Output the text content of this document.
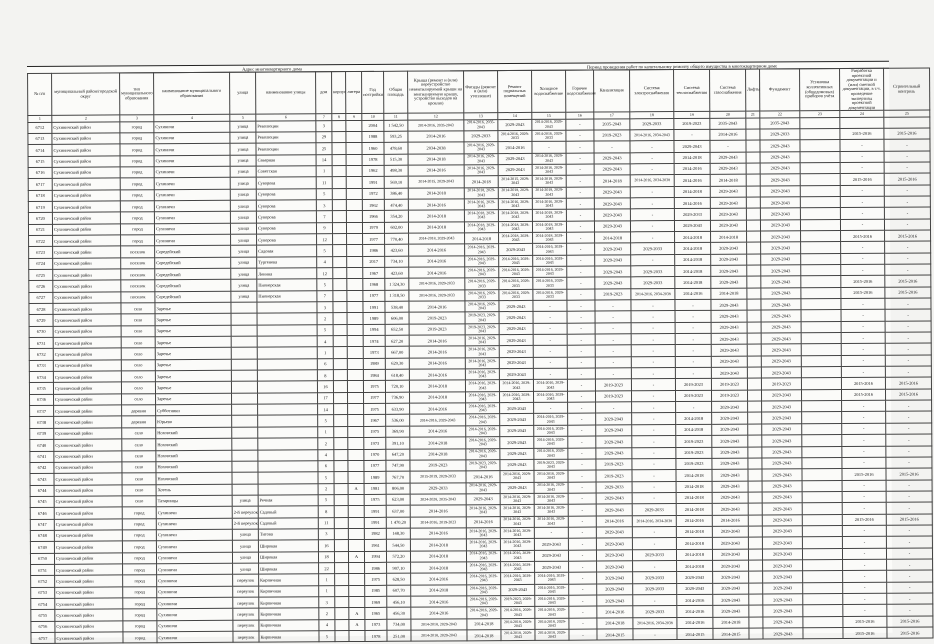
Адрес многоквартирного дома	Период проведения работ по капитальному ремонту общего имущества в многоквартирном доме
№ п/п	муниципальный район/городской округ	тип муниципального образования	наименование муниципального образования	улица	наименование улицы	дом	корпус	литера	Год постройки	Общая площадь	Крыша (ремонт и (или) переустройство невентилируемой крыши на вентилируемую крышу, устройство выходов на кровлю)	Фасады (ремонт и (или) утепление)	Ремонт подвальных помещений	Холодное водоснабжение	Горячее водоснабжение	Канализация	Система электроснабжения	Система теплоснабжения	Система газоснабжения	Лифты	Фундамент	Установка коллективных (общедомовых) приборов учёта	Разработка проектной документации и (или) сметной документации, в т.ч. проведение экспертизы проектной документации	Строительный контроль
1	2	3	4	5	6	7	8	9	10	11	12	13	14	15	16	17	18	19	20	21	22	23	24	25
6712	Сухиничский район	город	Сухиничи	улица	Революции	3			2004	1 542,50	2014-2016, 2035-2043	2014-2016, 2035-2043	2029-2043	2014-2016, 2029-2043	-	2035-2043	2029-2033	2019-2023	2035-2043		2035-2043			
6713	Сухиничский район	город	Сухиничи	улица	Революции	29			1988	593,25	2014-2016	2029-2033	2014-2016, 2029-2033	2014-2016, 2029-2033	-	2019-2023	2014-2016, 2034-2043	-	2014-2016		2029-2033		2015-2016	2015-2016
6714	Сухиничский район	город	Сухиничи	улица	Революции	25			1960	478,60	2034-2038	2014-2016, 2029-2043	2014-2016	-	-	-	-	2029-2043	-		2029-2043		-	-
6715	Сухиничский район	город	Сухиничи	улица	Северная	14			1978	515,30	2014-2018	2014-2016, 2029-2043	2029-2043	2014-2016, 2029-2043	-	2029-2043	-	2014-2018	2029-2043		2029-2043		-	-
6716	Сухиничский район	город	Сухиничи	улица	Советская	1			1962	498,30	2014-2016	2014-2016, 2029-2043	2029-2043	2014-2016, 2029-2043	-	2029-2043	-	2014-2016	2029-2043		2029-2043		-	-
6717	Сухиничский район	город	Сухиничи	улица	Суворова	11			1991	569,10	2014-2015, 2029-2043	2014-2018	2014-2015, 2029-2043	2014-2018, 2029-2043	-	2014-2018	2014-2016, 2034-2038	2014-2016	2014-2018		2029-2043		2015-2016	2015-2016
6718	Сухиничский район	город	Сухиничи	улица	Суворова	5			1972	386,40	2014-2018	2014-2018, 2029-2043	2014-2018, 2029-2043	2014-2018, 2029-2043	-	2029-2043	-	2014-2018	2029-2043		2029-2043		-	-
6719	Сухиничский район	город	Сухиничи	улица	Суворова	3			1962	474,40	2014-2016	2014-2016, 2029-2043	2014-2016, 2029-2043	2014-2016, 2029-2043	-	2029-2043	-	2014-2016	2029-2043		2029-2043		-	-
6720	Сухиничский район	город	Сухиничи	улица	Суворова	7			1966	354,20	2014-2018	2014-2018, 2029-2043	2014-2018, 2029-2043	2014-2018, 2029-2043	-	2029-2043	-	2029-2033	2029-2043		2029-2043		-	-
6721	Сухиничский район	город	Сухиничи	улица	Суворова	9			1979	602,00	2014-2018	2014-2018, 2029-2043	2014-2018, 2029-2043	2014-2018, 2029-2043	-	2029-2043	-	2029-2043	2029-2043		2029-2043		-	-
6722	Сухиничский район	город	Сухиничи	улица	Суворова	12			1977	770,40	2014-2018, 2029-2043	2014-2018	2014-2018, 2029-2043	2014-2018, 2029-2043	-	2014-2018	-	2014-2018	2014-2018		2029-2043		2015-2016	2015-2016
6723	Сухиничский район	поселок	Середейский	улица	Садовая	5			1986	423,60	2014-2016	2014-2016, 2029-2043	2029-2043	2014-2016, 2029-2043	-	2029-2043	2029-2033	2014-2018	2029-2043		2029-2043		-	-
6724	Сухиничский район	поселок	Середейский	улица	Тургенева	4			2017	734,10	2014-2016	2014-2016, 2029-2043	2014-2016, 2029-2043	2014-2016, 2029-2043	-	2029-2043	-	2014-2018	2029-2043		2029-2043		-	-
6725	Сухиничский район	поселок	Середейский	улица	Ленина	12			1967	423,60	2014-2016	2014-2016, 2029-2043	2014-2016, 2029-2043	2014-2016, 2029-2043	-	2029-2043	2029-2033	2014-2018	2029-2043		2029-2043		-	-
6726	Сухиничский район	поселок	Середейский	улица	Пионерская	5			1968	1 324,30	2014-2016, 2029-2033	2014-2016, 2029-2033	2014-2016, 2029-2033	2014-2016, 2029-2033	-	2029-2043	2029-2033	2014-2018	2029-2043		2029-2043		2015-2016	2015-2016
6727	Сухиничский район	поселок	Середейский	улица	Пионерская	7			1977	1 318,50	2014-2016, 2029-2033	2014-2016, 2029-2033	2014-2016, 2029-2033	2014-2016, 2029-2033	-	2019-2023	2014-2016, 2034-2038	2014-2016	2014-2018		2029-2043		2015-2016	2015-2016
6728	Сухиничский район	село	Заречье			3			1991	538,40	2014-2016	2014-2016, 2029-2043	2029-2043	-	-	-	-	-	2029-2043		2029-2043		-	-
6729	Сухиничский район	село	Заречье			2			1989	606,00	2019-2023	2019-2023, 2029-2043	2029-2043	-	-	-	-	-	2029-2043		2029-2043		-	-
6730	Сухиничский район	село	Заречье			5			1994	652,50	2019-2023	2019-2023, 2029-2043	2029-2043	-	-	-	-	-	2029-2043		2029-2043		-	-
6731	Сухиничский район	село	Заречье			4			1974	627,20	2014-2016	2014-2016, 2029-2043	2029-2043	-	-	-	-	-	2029-2043		2029-2043		-	-
6732	Сухиничский район	село	Заречье			1			1973	667,00	2014-2016	2014-2016, 2029-2043	2029-2043	-	-	-	-	-	2029-2043		2029-2043		-	-
6733	Сухиничский район	село	Заречье			6			1989	629,30	2014-2016	2014-2016, 2029-2043	2029-2043	-	-	-	-	-	2029-2043		2029-2043		-	-
6734	Сухиничский район	село	Заречье			8			1984	618,40	2014-2016	2014-2016, 2029-2043	2029-2043	-	-	-	-	-	2029-2043		2029-2043		-	-
6735	Сухиничский район	село	Заречье			16			1975	720,10	2014-2018	2014-2016, 2029-2043	2014-2016, 2029-2043	2014-2016, 2029-2043	-	2019-2023	-	2019-2023	2019-2023		2019-2023		2015-2016	2015-2016
6736	Сухиничский район	село	Заречье			17			1977	736,90	2014-2018	2014-2016, 2029-2043	2014-2016, 2029-2043	2014-2016, 2029-2043	-	2019-2023	-	2019-2023	2019-2023		2029-2043		2015-2016	2015-2016
6737	Сухиничский район	деревня	Субботники			14			1975	633,90	2014-2016	2014-2016, 2029-2043	2029-2043	-	-	-	-	-	2029-2043		2029-2043		-	-
6738	Сухиничский район	деревня	Юрьево			5			1967	536,00	2014-2016, 2029-2043	2014-2016, 2029-2043	2029-2043	2014-2016, 2029-2043	-	2029-2043	-	2014-2018	2029-2043		2029-2043		-	-
6739	Сухиничский район	село	Ноховский			1			1975	369,90	2014-2016	2014-2016, 2029-2043	2029-2043	2014-2016, 2029-2043	-	2029-2043	-	2014-2018	2029-2043		2029-2043		-	-
6740	Сухиничский район	село	Ноховский			2			1973	391,10	2014-2018	2014-2016, 2029-2043	2029-2043	2014-2016, 2029-2043	-	2029-2043	-	2019-2023	2029-2043		2029-2043		-	-
6741	Сухиничский район	село	Ноховский			4			1970	647,20	2014-2018	2014-2016, 2029-2043	2029-2043	2014-2016, 2029-2043	-	2029-2043	-	2019-2023	2029-2043		2029-2043		-	-
6742	Сухиничский район	село	Ноховский			6			1977	747,90	2019-2023	2019-2023, 2029-2043	2029-2043	2019-2023, 2029-2043	-	2019-2023	-	2019-2023	2029-2043		2029-2043		-	-
6743	Сухиничский район	село	Ноховский			5			1989	767,70	2015-2019, 2029-2033	2014-2016	2014-2016, 2029-2043	2014-2016, 2029-2043	-	2019-2023	-	2014-2018	2029-2043		2029-2043		2015-2016	2015-2016
6744	Сухиничский район	село	Хотень			2		А	1981	806,00	2029-2033	2014-2016, 2029-2043	2029-2043	2014-2016, 2029-2043	-	2029-2033	-	2014-2018	2029-2043		2029-2043		-	-
6745	Сухиничский район	село	Татаринцы	улица	Речная	5			1975	623,00	2024-2028, 2035-2043	2029-2043	2014-2016, 2029-2043	2014-2016, 2029-2043	-	2029-2043	-	2014-2018	2029-2043		2029-2043		-	-
6746	Сухиничский район	город	Сухиничи	2-й переулок	Садовый	8			1991	637,00	2014-2016	2014-2016, 2029-2043	2014-2016, 2029-2043	2014-2016, 2029-2043	-	2029-2043	2029-2033	2014-2018	2029-2043		2029-2043		-	-
6747	Сухиничский район	город	Сухиничи	2-й переулок	Садовый	11			1991	1 470,20	2014-2016, 2019-2023	2014-2016	2014-2016, 2029-2043	2014-2016, 2029-2043	-	2014-2016	2014-2016, 2034-2038	2014-2016	2014-2016		2029-2043		2015-2016	2015-2016
6748	Сухиничский район	город	Сухиничи	улица	Титова	3			1982	148,30	2014-2016	2014-2016, 2029-2043	2014-2016, 2029-2043	-	-	2029-2043	-	2014-2018	2029-2043		2029-2043		-	-
6749	Сухиничский район	город	Сухиничи	улица	Широкая	16			1961	544,50	2014-2018	2014-2016, 2029-2043	2014-2016, 2029-2043	2029-2043	-	2029-2043	-	2014-2018	2029-2043		2029-2043		-	-
6750	Сухиничский район	город	Сухиничи	улица	Широкая	18		А	1994	572,20	2014-2018	2014-2016, 2029-2043	2014-2016, 2029-2043	2029-2043	-	2029-2043	2029-2033	2014-2018	2029-2043		2029-2043		-	-
6751	Сухиничский район	город	Сухиничи	улица	Широкая	22			1986	907,10	2014-2018	2014-2016, 2029-2043	2014-2016, 2029-2043	2029-2043	-	2029-2043	-	2014-2018	2029-2043		2029-2043		-	-
6752	Сухиничский район	город	Сухиничи	переулок	Кирпичная	1			1975	628,50	2014-2016	2014-2016, 2029-2043	2014-2016, 2029-2043	2014-2016, 2029-2043	-	2029-2043	2029-2033	2029-2043	2029-2043		2029-2043		-	-
6753	Сухиничский район	город	Сухиничи	переулок	Кирпичная	1			1985	607,70	2014-2018	2014-2016, 2029-2043	2029-2043	2014-2016, 2029-2043	-	2029-2043	2029-2033	2029-2043	2029-2043		2029-2043		-	-
6754	Сухиничский район	город	Сухиничи	переулок	Кирпичная	3			1969	456,10	2014-2016	2014-2016, 2029-2043	2019-2023, 2029-2043	2014-2016, 2029-2043	-	2029-2043	-	2014-2016	2029-2043		2029-2043		-	-
6755	Сухиничский район	город	Сухиничи	переулок	Кирпичная	2		А	1965	456,30	2014-2016	2014-2016, 2029-2043	2014-2016, 2029-2043	2014-2016, 2029-2043	-	2014-2016	2029-2033	2014-2016	2029-2043		2029-2043		-	-
6756	Сухиничский район	город	Сухиничи	переулок	Кирпичная	4		А	1973	734,00	2014-2018, 2029-2043	2014-2018	2014-2018, 2029-2043	2014-2018, 2029-2043	-	2014-2018	2014-2016, 2034-2038	2014-2016	2014-2018		2029-2043		2015-2016	2015-2016
6757	Сухиничский район	город	Сухиничи	переулок	Кирпичная	5			1978	251,00	2014-2018, 2029-2043	2014-2018	2014-2018, 2029-2043	2014-2018, 2029-2043	-	2014-2015	-	2014-2015	2014-2015		2029-2043		2015-2016	2015-2016
